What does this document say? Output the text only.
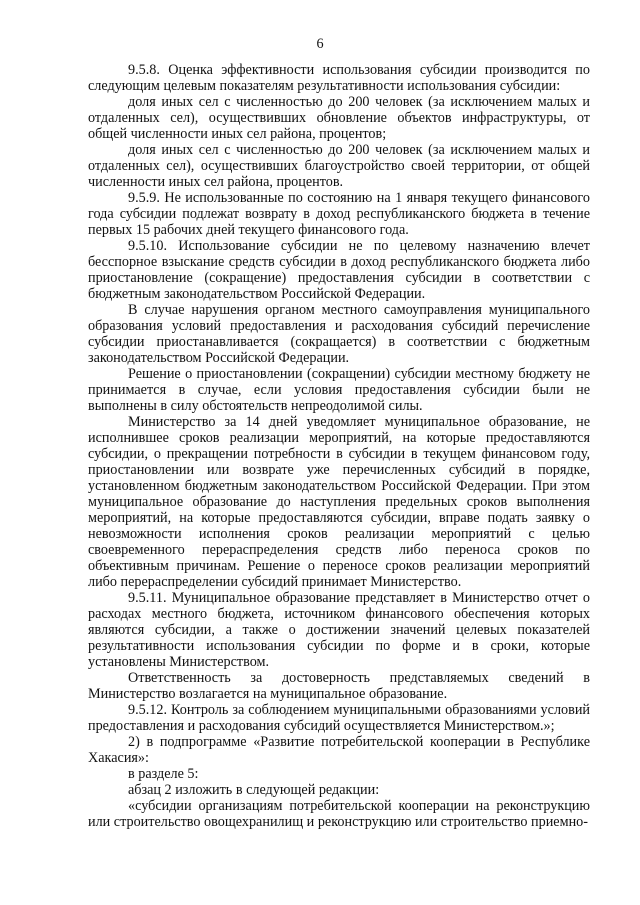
6

9.5.8. Оценка эффективности использования субсидии производится по следующим целевым показателям результативности использования субсидии:

доля иных сел с численностью до 200 человек (за исключением малых и отдаленных сел), осуществивших обновление объектов инфраструктуры, от общей численности иных сел района, процентов;

доля иных сел с численностью до 200 человек (за исключением малых и отдаленных сел), осуществивших благоустройство своей территории, от общей численности иных сел района, процентов.

9.5.9. Не использованные по состоянию на 1 января текущего финансового года субсидии подлежат возврату в доход республиканского бюджета в течение первых 15 рабочих дней текущего финансового года.

9.5.10. Использование субсидии не по целевому назначению влечет бесспорное взыскание средств субсидии в доход республиканского бюджета либо приостановление (сокращение) предоставления субсидии в соответствии с бюджетным законодательством Российской Федерации.

В случае нарушения органом местного самоуправления муниципального образования условий предоставления и расходования субсидий перечисление субсидии приостанавливается (сокращается) в соответствии с бюджетным законодательством Российской Федерации.

Решение о приостановлении (сокращении) субсидии местному бюджету не принимается в случае, если условия предоставления субсидии были не выполнены в силу обстоятельств непреодолимой силы.

Министерство за 14 дней уведомляет муниципальное образование, не исполнившее сроков реализации мероприятий, на которые предоставляются субсидии, о прекращении потребности в субсидии в текущем финансовом году, приостановлении или возврате уже перечисленных субсидий в порядке, установленном бюджетным законодательством Российской Федерации. При этом муниципальное образование до наступления предельных сроков выполнения мероприятий, на которые предоставляются субсидии, вправе подать заявку о невозможности исполнения сроков реализации мероприятий с целью своевременного перераспределения средств либо переноса сроков по объективным причинам. Решение о переносе сроков реализации мероприятий либо перераспределении субсидий принимает Министерство.

9.5.11. Муниципальное образование представляет в Министерство отчет о расходах местного бюджета, источником финансового обеспечения которых являются субсидии, а также о достижении значений целевых показателей результативности использования субсидии по форме и в сроки, которые установлены Министерством.

Ответственность за достоверность представляемых сведений в Министерство возлагается на муниципальное образование.

9.5.12. Контроль за соблюдением муниципальными образованиями условий предоставления и расходования субсидий осуществляется Министерством.»;

2) в подпрограмме «Развитие потребительской кооперации в Республике Хакасия»:

в разделе 5:

абзац 2 изложить в следующей редакции:

«субсидии организациям потребительской кооперации на реконструкцию или строительство овощехранилищ и реконструкцию или строительство приемно-
